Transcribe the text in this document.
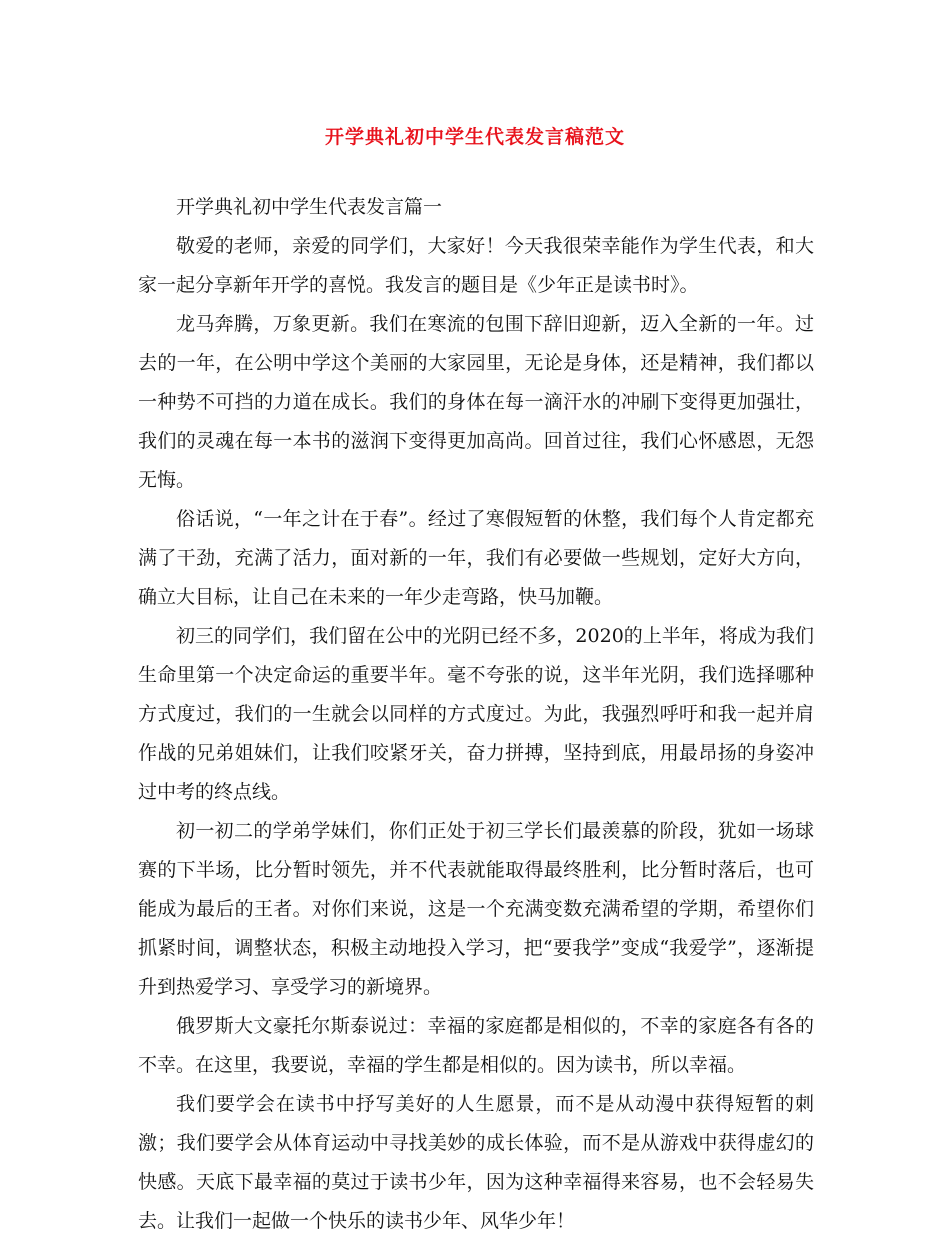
开学典礼初中学生代表发言稿范文

开学典礼初中学生代表发言篇一

敬爱的老师，亲爱的同学们，大家好！今天我很荣幸能作为学生代表，和大家一起分享新年开学的喜悦。我发言的题目是《少年正是读书时》。

龙马奔腾，万象更新。我们在寒流的包围下辞旧迎新，迈入全新的一年。过去的一年，在公明中学这个美丽的大家园里，无论是身体，还是精神，我们都以一种势不可挡的力道在成长。我们的身体在每一滴汗水的冲刷下变得更加强壮，我们的灵魂在每一本书的滋润下变得更加高尚。回首过往，我们心怀感恩，无怨无悔。

俗话说，“一年之计在于春”。经过了寒假短暂的休整，我们每个人肯定都充满了干劲，充满了活力，面对新的一年，我们有必要做一些规划，定好大方向，确立大目标，让自己在未来的一年少走弯路，快马加鞭。

初三的同学们，我们留在公中的光阴已经不多，2020的上半年，将成为我们生命里第一个决定命运的重要半年。毫不夸张的说，这半年光阴，我们选择哪种方式度过，我们的一生就会以同样的方式度过。为此，我强烈呼吁和我一起并肩作战的兄弟姐妹们，让我们咬紧牙关，奋力拼搏，坚持到底，用最昂扬的身姿冲过中考的终点线。

初一初二的学弟学妹们，你们正处于初三学长们最羡慕的阶段，犹如一场球赛的下半场，比分暂时领先，并不代表就能取得最终胜利，比分暂时落后，也可能成为最后的王者。对你们来说，这是一个充满变数充满希望的学期，希望你们抓紧时间，调整状态，积极主动地投入学习，把“要我学”变成“我爱学”，逐渐提升到热爱学习、享受学习的新境界。

俄罗斯大文豪托尔斯泰说过：幸福的家庭都是相似的，不幸的家庭各有各的不幸。在这里，我要说，幸福的学生都是相似的。因为读书，所以幸福。

我们要学会在读书中抒写美好的人生愿景，而不是从动漫中获得短暂的刺激；我们要学会从体育运动中寻找美妙的成长体验，而不是从游戏中获得虚幻的快感。天底下最幸福的莫过于读书少年，因为这种幸福得来容易，也不会轻易失去。让我们一起做一个快乐的读书少年、风华少年！
